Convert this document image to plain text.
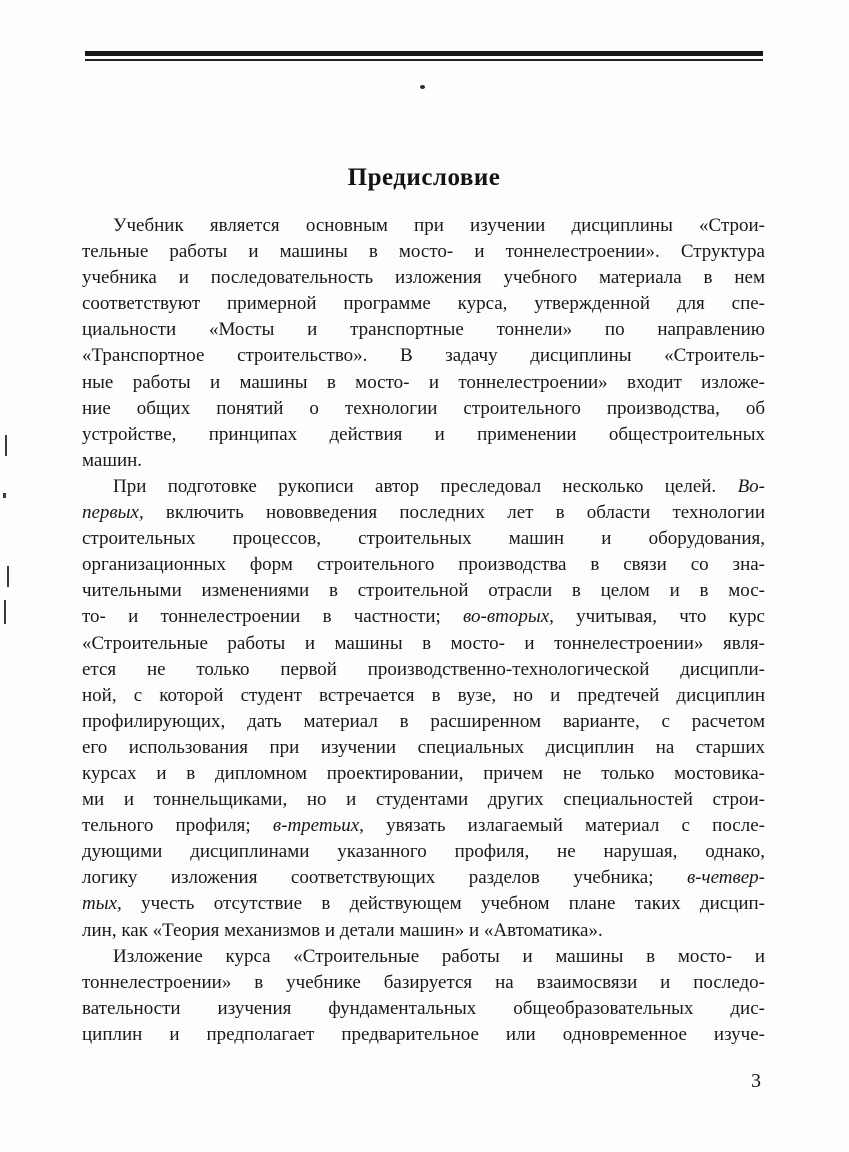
Предисловие
Учебник является основным при изучении дисциплины «Строи-
тельные работы и машины в мосто- и тоннелестроении». Структура
учебника и последовательность изложения учебного материала в нем
соответствуют примерной программе курса, утвержденной для спе-
циальности «Мосты и транспортные тоннели» по направлению
«Транспортное строительство». В задачу дисциплины «Строитель-
ные работы и машины в мосто- и тоннелестроении» входит изложе-
ние общих понятий о технологии строительного производства, об
устройстве, принципах действия и применении общестроительных
машин.
При подготовке рукописи автор преследовал несколько целей. Во-
первых, включить нововведения последних лет в области технологии
строительных процессов, строительных машин и оборудования,
организационных форм строительного производства в связи со зна-
чительными изменениями в строительной отрасли в целом и в мос-
то- и тоннелестроении в частности; во-вторых, учитывая, что курс
«Строительные работы и машины в мосто- и тоннелестроении» явля-
ется не только первой производственно-технологической дисципли-
ной, с которой студент встречается в вузе, но и предтечей дисциплин
профилирующих, дать материал в расширенном варианте, с расчетом
его использования при изучении специальных дисциплин на старших
курсах и в дипломном проектировании, причем не только мостовика-
ми и тоннельщиками, но и студентами других специальностей строи-
тельного профиля; в-третьих, увязать излагаемый материал с после-
дующими дисциплинами указанного профиля, не нарушая, однако,
логику изложения соответствующих разделов учебника; в-четвер-
тых, учесть отсутствие в действующем учебном плане таких дисцип-
лин, как «Теория механизмов и детали машин» и «Автоматика».
Изложение курса «Строительные работы и машины в мосто- и
тоннелестроении» в учебнике базируется на взаимосвязи и последо-
вательности изучения фундаментальных общеобразовательных дис-
циплин и предполагает предварительное или одновременное изуче-
3
